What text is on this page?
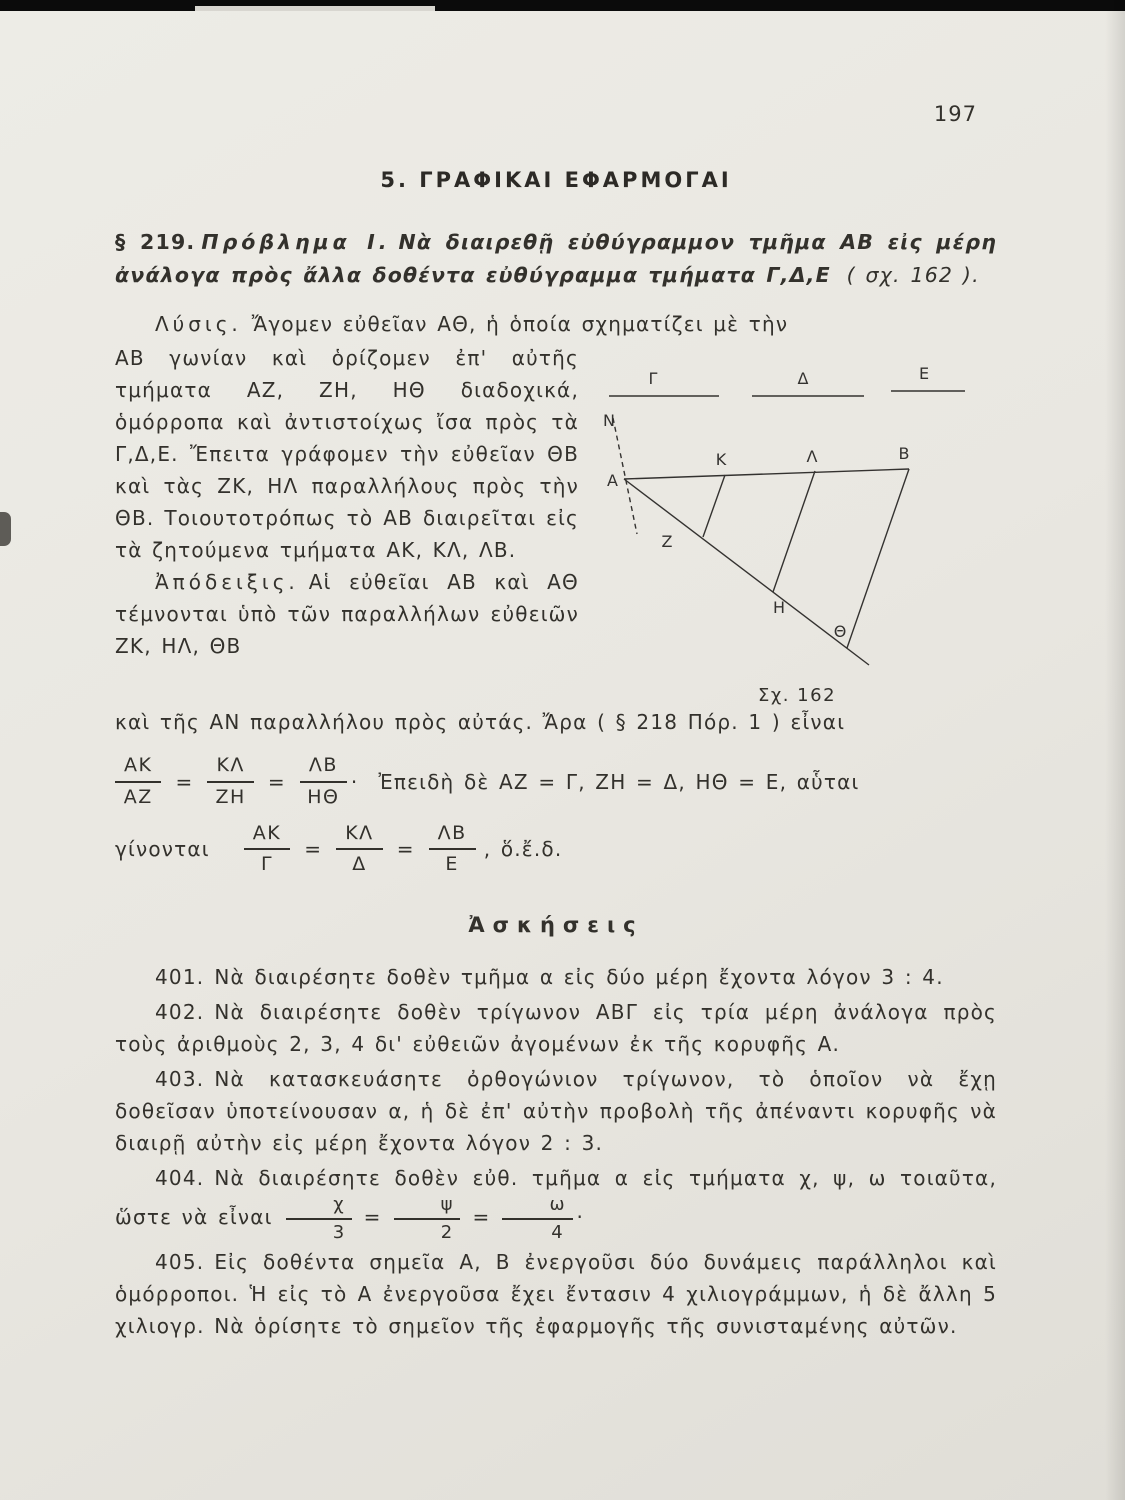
197
5. ΓΡΑΦΙΚΑΙ ΕΦΑΡΜΟΓΑΙ

§ 219. Πρόβλημα Ι. Νὰ διαιρεθῇ εὐθύγραμμον τμῆμα ΑΒ εἰς μέρη ἀνάλογα πρὸς ἄλλα δοθέντα εὐθύγραμμα τμήματα Γ,Δ,Ε ( σχ. 162 ).

Λύσις. Ἄγομεν εὐθεῖαν ΑΘ, ἡ ὁποία σχηματίζει μὲ τὴν

ΑΒ γωνίαν καὶ ὁρίζομεν ἐπ' αὐτῆς τμήματα ΑΖ, ΖΗ, ΗΘ διαδοχικά, ὁμόρροπα καὶ ἀντιστοίχως ἴσα πρὸς τὰ Γ,Δ,Ε. Ἔπειτα γράφομεν τὴν εὐθεῖαν ΘΒ καὶ τὰς ΖΚ, ΗΛ παραλλήλους πρὸς τὴν ΘΒ. Τοιουτοτρόπως τὸ ΑΒ διαιρεῖται εἰς τὰ ζητούμενα τμήματα ΑΚ, ΚΛ, ΛΒ.

Ἀπόδειξις. Αἱ εὐθεῖαι ΑΒ καὶ ΑΘ τέμνονται ὑπὸ τῶν παραλλήλων εὐθειῶν ΖΚ, ΗΛ, ΘΒ

Γ	Δ	Ε
N
A
K	Λ	B
Z
H
Θ
Σχ. 162

καὶ τῆς ΑΝ παραλλήλου πρὸς αὐτάς. Ἄρα ( § 218 Πόρ. 1 ) εἶναι

$\frac{AK}{AZ} = \frac{K\Lambda}{ZH} = \frac{\Lambda B}{H\Theta}$ · Ἐπειδὴ δὲ ΑΖ = Γ, ΖΗ = Δ, ΗΘ = Ε, αὗται
γίνονται $\frac{AK}{\Gamma} = \frac{K\Lambda}{\Delta} = \frac{\Lambda B}{E}$ , ὅ.ἔ.δ.
Ἀσκήσεις

401. Νὰ διαιρέσητε δοθὲν τμῆμα α εἰς δύο μέρη ἔχοντα λόγον 3 : 4.

402. Νὰ διαιρέσητε δοθὲν τρίγωνον ΑΒΓ εἰς τρία μέρη ἀνάλογα πρὸς τοὺς ἀριθμοὺς 2, 3, 4 δι' εὐθειῶν ἀγομένων ἐκ τῆς κορυφῆς Α.

403. Νὰ κατασκευάσητε ὀρθογώνιον τρίγωνον, τὸ ὁποῖον νὰ ἔχῃ δοθεῖσαν ὑποτείνουσαν α, ἡ δὲ ἐπ' αὐτὴν προβολὴ τῆς ἀπέναντι κορυφῆς νὰ διαιρῇ αὐτὴν εἰς μέρη ἔχοντα λόγον 2 : 3.

404. Νὰ διαιρέσητε δοθὲν εὐθ. τμῆμα α εἰς τμήματα χ, ψ, ω τοιαῦτα, ὥστε νὰ εἶναι $\frac{\chi}{3} = \frac{\psi}{2} = \frac{\omega}{4}$ ·

405. Εἰς δοθέντα σημεῖα Α, Β ἐνεργοῦσι δύο δυνάμεις παράλληλοι καὶ ὁμόρροποι. Ἡ εἰς τὸ Α ἐνεργοῦσα ἔχει ἔντασιν 4 χιλιογράμμων, ἡ δὲ ἄλλη 5 χιλιογρ. Νὰ ὁρίσητε τὸ σημεῖον τῆς ἐφαρμογῆς τῆς συνισταμένης αὐτῶν.
